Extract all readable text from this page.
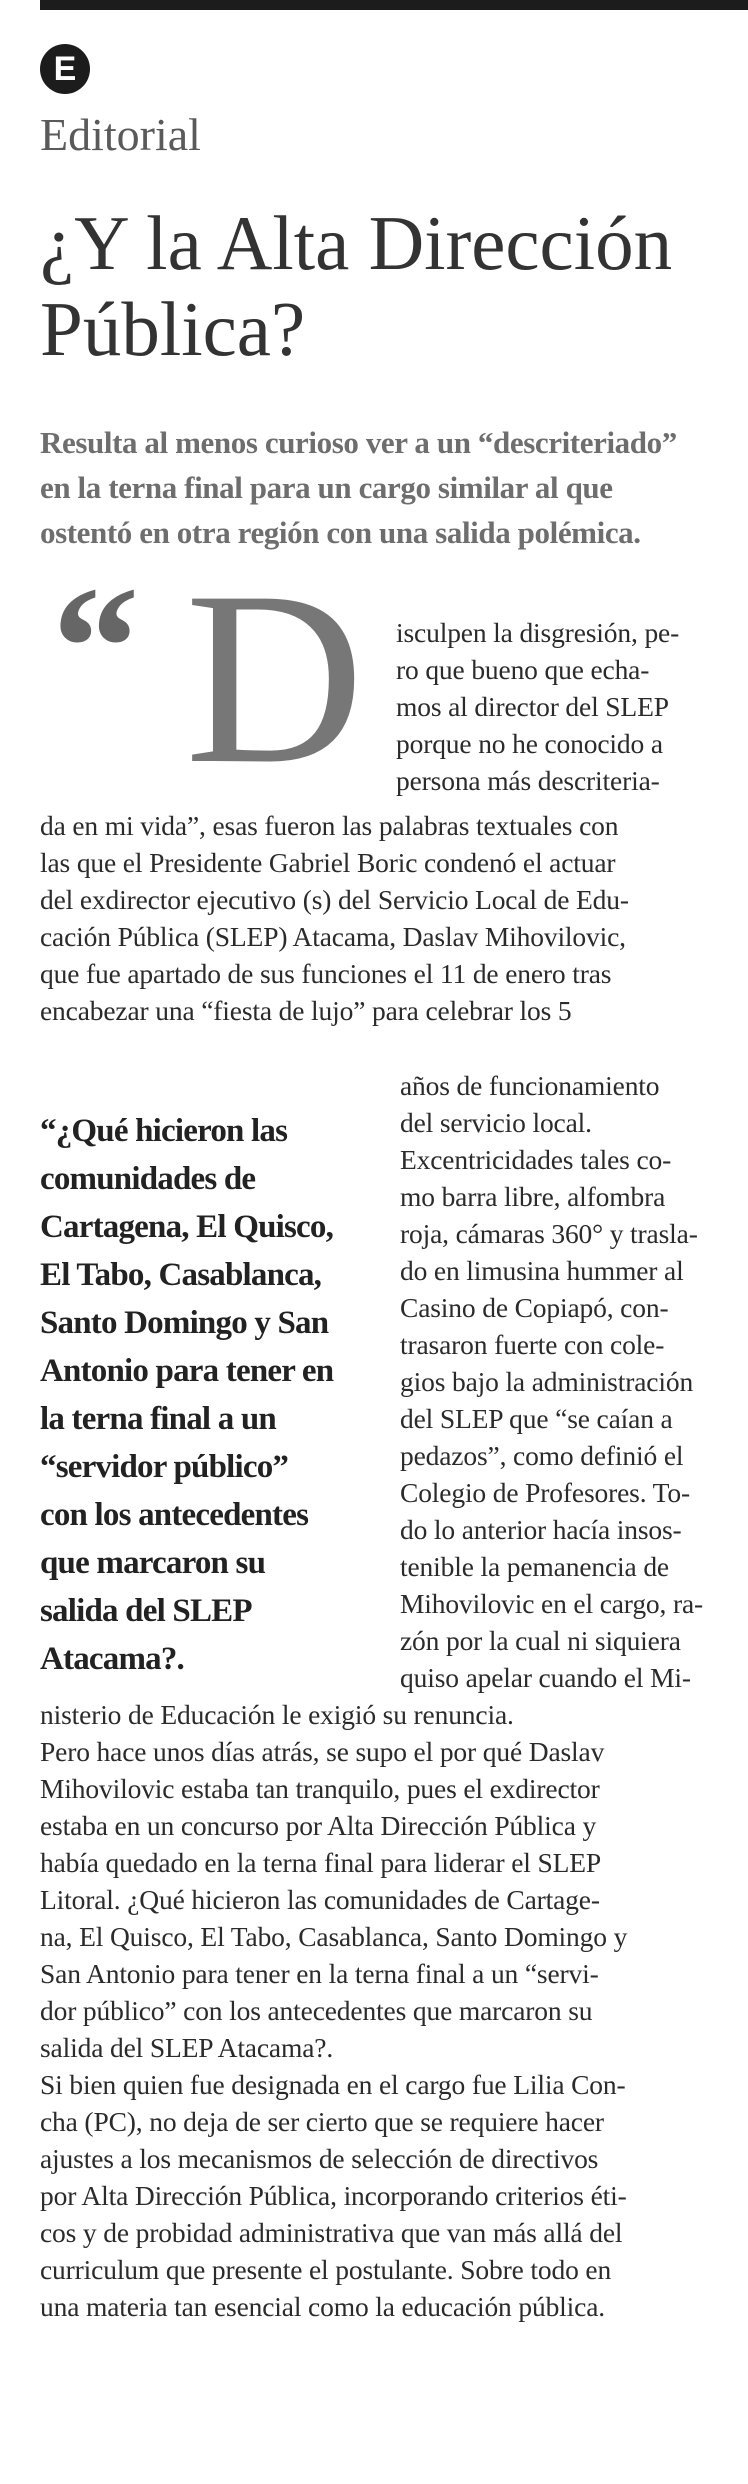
E
Editorial
¿Y la Alta Dirección
Pública?
Resulta al menos curioso ver a un “descriteriado”
en la terna final para un cargo similar al que
ostentó en otra región con una salida polémica.
“ D isculpen la disgresión, pe-
ro que bueno que echa-
mos al director del SLEP
porque no he conocido a
persona más descriteria-
da en mi vida”, esas fueron las palabras textuales con
las que el Presidente Gabriel Boric condenó el actuar
del exdirector ejecutivo (s) del Servicio Local de Edu-
cación Pública (SLEP) Atacama, Daslav Mihovilovic,
que fue apartado de sus funciones el 11 de enero tras
encabezar una “fiesta de lujo” para celebrar los 5
años de funcionamiento
del servicio local.
Excentricidades tales co-
mo barra libre, alfombra
roja, cámaras 360° y trasla-
do en limusina hummer al
Casino de Copiapó, con-
trasaron fuerte con cole-
gios bajo la administración
del SLEP que “se caían a
pedazos”, como definió el
Colegio de Profesores. To-
do lo anterior hacía insos-
tenible la pemanencia de
Mihovilovic en el cargo, ra-
zón por la cual ni siquiera
quiso apelar cuando el Mi-
“¿Qué hicieron las
comunidades de
Cartagena, El Quisco,
El Tabo, Casablanca,
Santo Domingo y San
Antonio para tener en
la terna final a un
“servidor público”
con los antecedentes
que marcaron su
salida del SLEP
Atacama?.
nisterio de Educación le exigió su renuncia.
Pero hace unos días atrás, se supo el por qué Daslav
Mihovilovic estaba tan tranquilo, pues el exdirector
estaba en un concurso por Alta Dirección Pública y
había quedado en la terna final para liderar el SLEP
Litoral. ¿Qué hicieron las comunidades de Cartage-
na, El Quisco, El Tabo, Casablanca, Santo Domingo y
San Antonio para tener en la terna final a un “servi-
dor público” con los antecedentes que marcaron su
salida del SLEP Atacama?.
Si bien quien fue designada en el cargo fue Lilia Con-
cha (PC), no deja de ser cierto que se requiere hacer
ajustes a los mecanismos de selección de directivos
por Alta Dirección Pública, incorporando criterios éti-
cos y de probidad administrativa que van más allá del
curriculum que presente el postulante. Sobre todo en
una materia tan esencial como la educación pública.
